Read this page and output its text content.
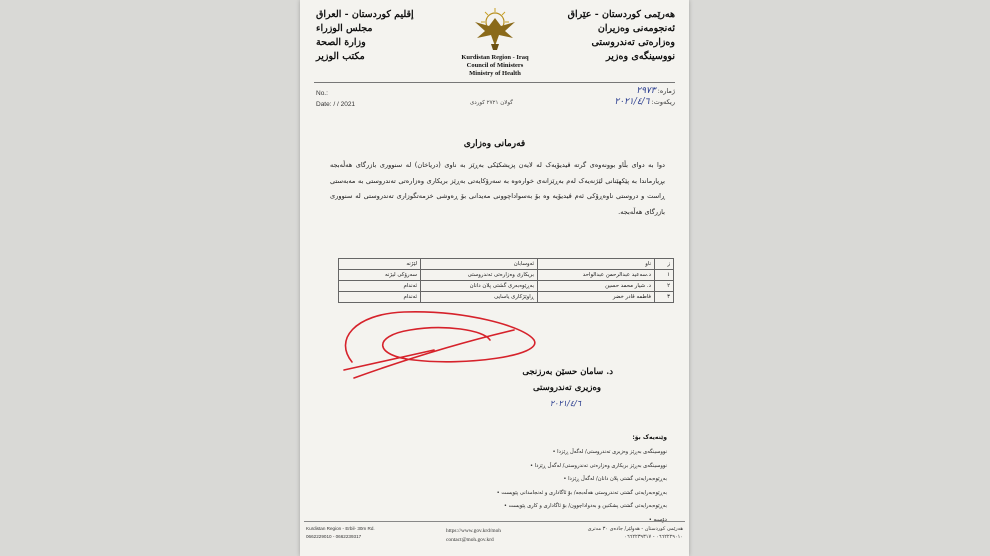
هەرێمی کوردستان - عێراق
ئەنجومەنی وەزیران
وەزارەتی تەندروستی
نووسینگەی وەزیر
Kurdistan Region - Iraq
Council of Ministers
Ministry of Health
إقليم كوردستان - العراق
مجلس الوزراء
وزارة الصحة
مكتب الوزير
No.:
Date: / / 2021	گولان ٢٧٢١ کوردی
ژمارە: ٢٩٧٣
ریکەوت: ٢٠٢١/٤/٦
فەرمانی وەزاری
دوا بە دوای بڵاو بوونەوەی گرتە ڤیدیۆیەک لە لایەن پزیشکێکی بەڕێز بە ناوی (دریاخان) لە سنووری بازرگای هەڵەبجە بڕیارماندا بە پێکهێنانی لێژنەیەک لەم بەڕێزانەی خوارەوە بە سەرۆکایەتی بەڕێز بریکاری وەزارەتی تەندروستی بە مەبەستی ڕاست و دروستی ناوەڕۆکی ئەم ڤیدیۆیە وە بۆ بەسواداچوونی مەیدانی بۆ ڕەوشی خزمەتگوزاری تەندروستی لە سنووری بازرگای هەڵەبجە.
ز	ناو	ئەوسابان	لێژنە
١	د.سەعید عبدالرحمن عبدالواحد	بریکاری وەزارەتی تەندروستی	سەرۆکی لیژنە
٢	د. شیار محمد حسین	بەڕێوەبەری گشتی پلان دانان	ئەندام
٣	فاطمە قادر خضر	ڕاوێژکاری یاسایی	ئەندام
د. سامان حسێن بەرزنجی
وەزیری تەندروستی
٢٠٢١/٤/٦
وێنەیەک بۆ:
نووسینگەی بەڕێز وەزیری تەندروستی/ لەگەڵ ڕێزدا •
نووسینگەی بەڕێز بریکاری وەزارەتی تەندروستی/ لەگەڵ ڕێزدا •
بەڕێوەبەرایەتی گشتی پلان دانان/ لەگەڵ ڕێزدا •
بەڕێوەبەرایەتی گشتی تەندروستی هەڵەبجە/ بۆ ئاگاداری و ئەنجامدانی پێویست •
بەڕێوەبەرایەتی گشتی پشکنین و بەدواداچوون/ بۆ ئاگاداری و کاری پێویست •
دۆسیە •
Kurdistan Region - Erbil- 30m Rd.
0662229010 - 0662239317
https://www.gov.krd/moh
contact@moh.gov.krd
هەرێمی کوردستان - هەولێر/ جادەی ٣٠ مەتری
٠٦٦٢٢٢٩٠١٠ - ٠٦٦٢٢٣٩٣١٧
